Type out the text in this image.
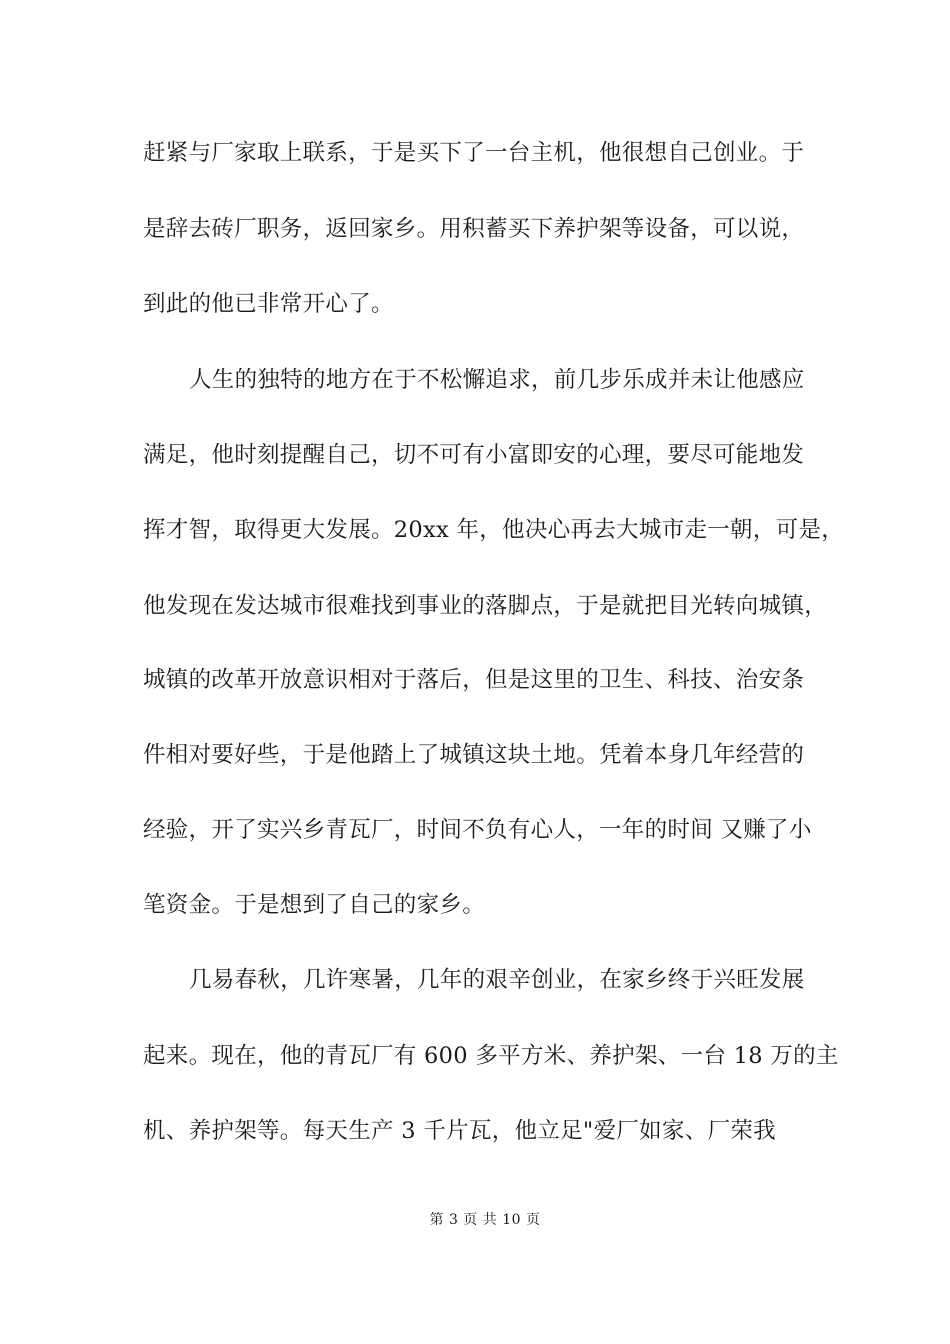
赶紧与厂家取上联系，于是买下了一台主机，他很想自己创业。于
是辞去砖厂职务，返回家乡。用积蓄买下养护架等设备，可以说，
到此的他已非常开心了。
人生的独特的地方在于不松懈追求，前几步乐成并未让他感应
满足，他时刻提醒自己，切不可有小富即安的心理，要尽可能地发
挥才智，取得更大发展。20xx 年，他决心再去大城市走一朝，可是，
他发现在发达城市很难找到事业的落脚点，于是就把目光转向城镇，
城镇的改革开放意识相对于落后，但是这里的卫生、科技、治安条
件相对要好些，于是他踏上了城镇这块土地。凭着本身几年经营的
经验，开了实兴乡青瓦厂，时间不负有心人，一年的时间 又赚了小
笔资金。于是想到了自己的家乡。
几易春秋，几许寒暑，几年的艰辛创业，在家乡终于兴旺发展
起来。现在，他的青瓦厂有 600 多平方米、养护架、一台 18 万的主
机、养护架等。每天生产 3 千片瓦，他立足"爱厂如家、厂荣我
第 3 页 共 10 页
